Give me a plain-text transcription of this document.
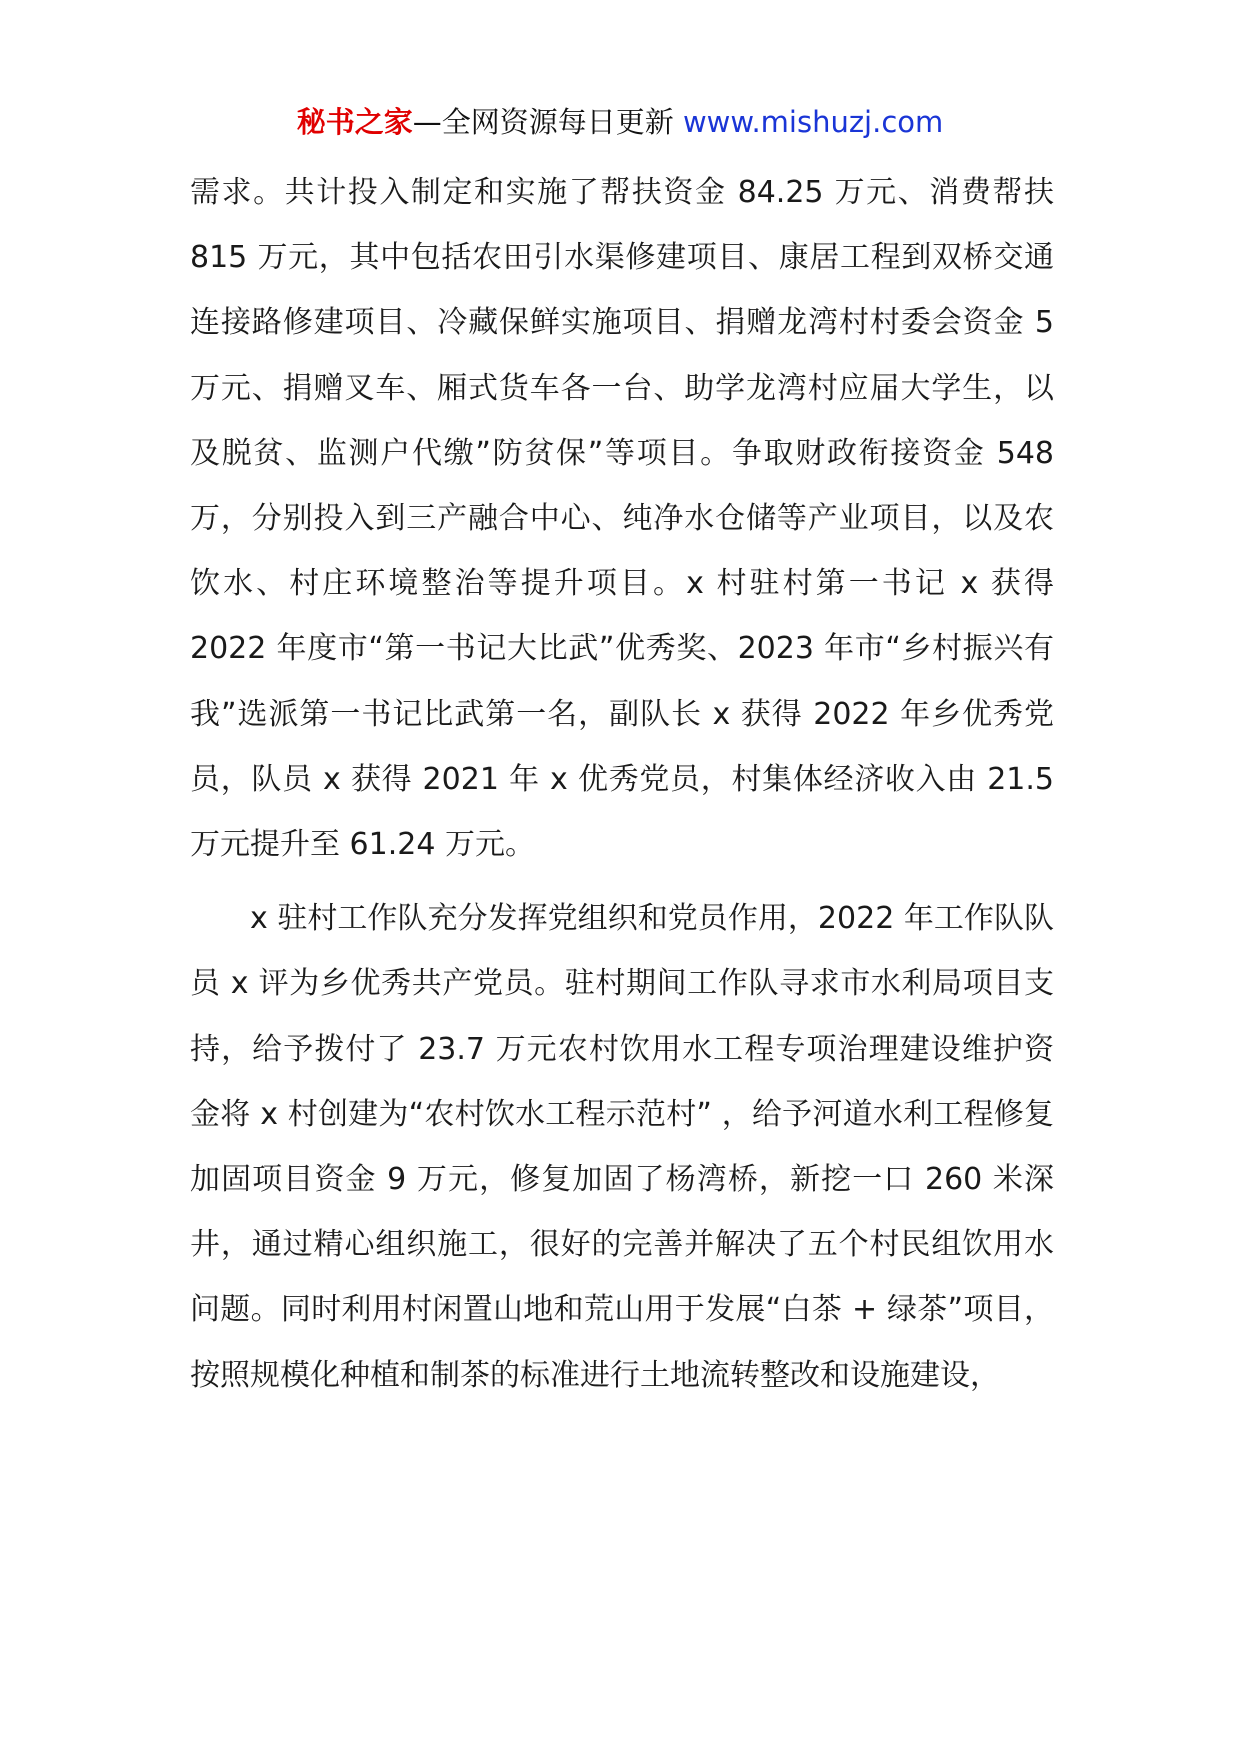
秘书之家—全网资源每日更新 www.mishuzj.com

需求。共计投入制定和实施了帮扶资金 84.25 万元、消费帮扶 815 万元，其中包括农田引水渠修建项目、康居工程到双桥交通连接路修建项目、冷藏保鲜实施项目、捐赠龙湾村村委会资金 5 万元、捐赠叉车、厢式货车各一台、助学龙湾村应届大学生，以及脱贫、监测户代缴”防贫保”等项目。争取财政衔接资金 548 万，分别投入到三产融合中心、纯净水仓储等产业项目，以及农饮水、村庄环境整治等提升项目。x 村驻村第一书记 x 获得 2022 年度市“第一书记大比武”优秀奖、2023 年市“乡村振兴有我”选派第一书记比武第一名，副队长 x 获得 2022 年乡优秀党员，队员 x 获得 2021 年 x 优秀党员，村集体经济收入由 21.5 万元提升至 61.24 万元。

x 驻村工作队充分发挥党组织和党员作用，2022 年工作队队员 x 评为乡优秀共产党员。驻村期间工作队寻求市水利局项目支持，给予拨付了 23.7 万元农村饮用水工程专项治理建设维护资金将 x 村创建为“农村饮水工程示范村” ，给予河道水利工程修复加固项目资金 9 万元，修复加固了杨湾桥，新挖一口 260 米深井，通过精心组织施工，很好的完善并解决了五个村民组饮用水问题。同时利用村闲置山地和荒山用于发展“白茶 + 绿茶”项目，按照规模化种植和制茶的标准进行土地流转整改和设施建设，
